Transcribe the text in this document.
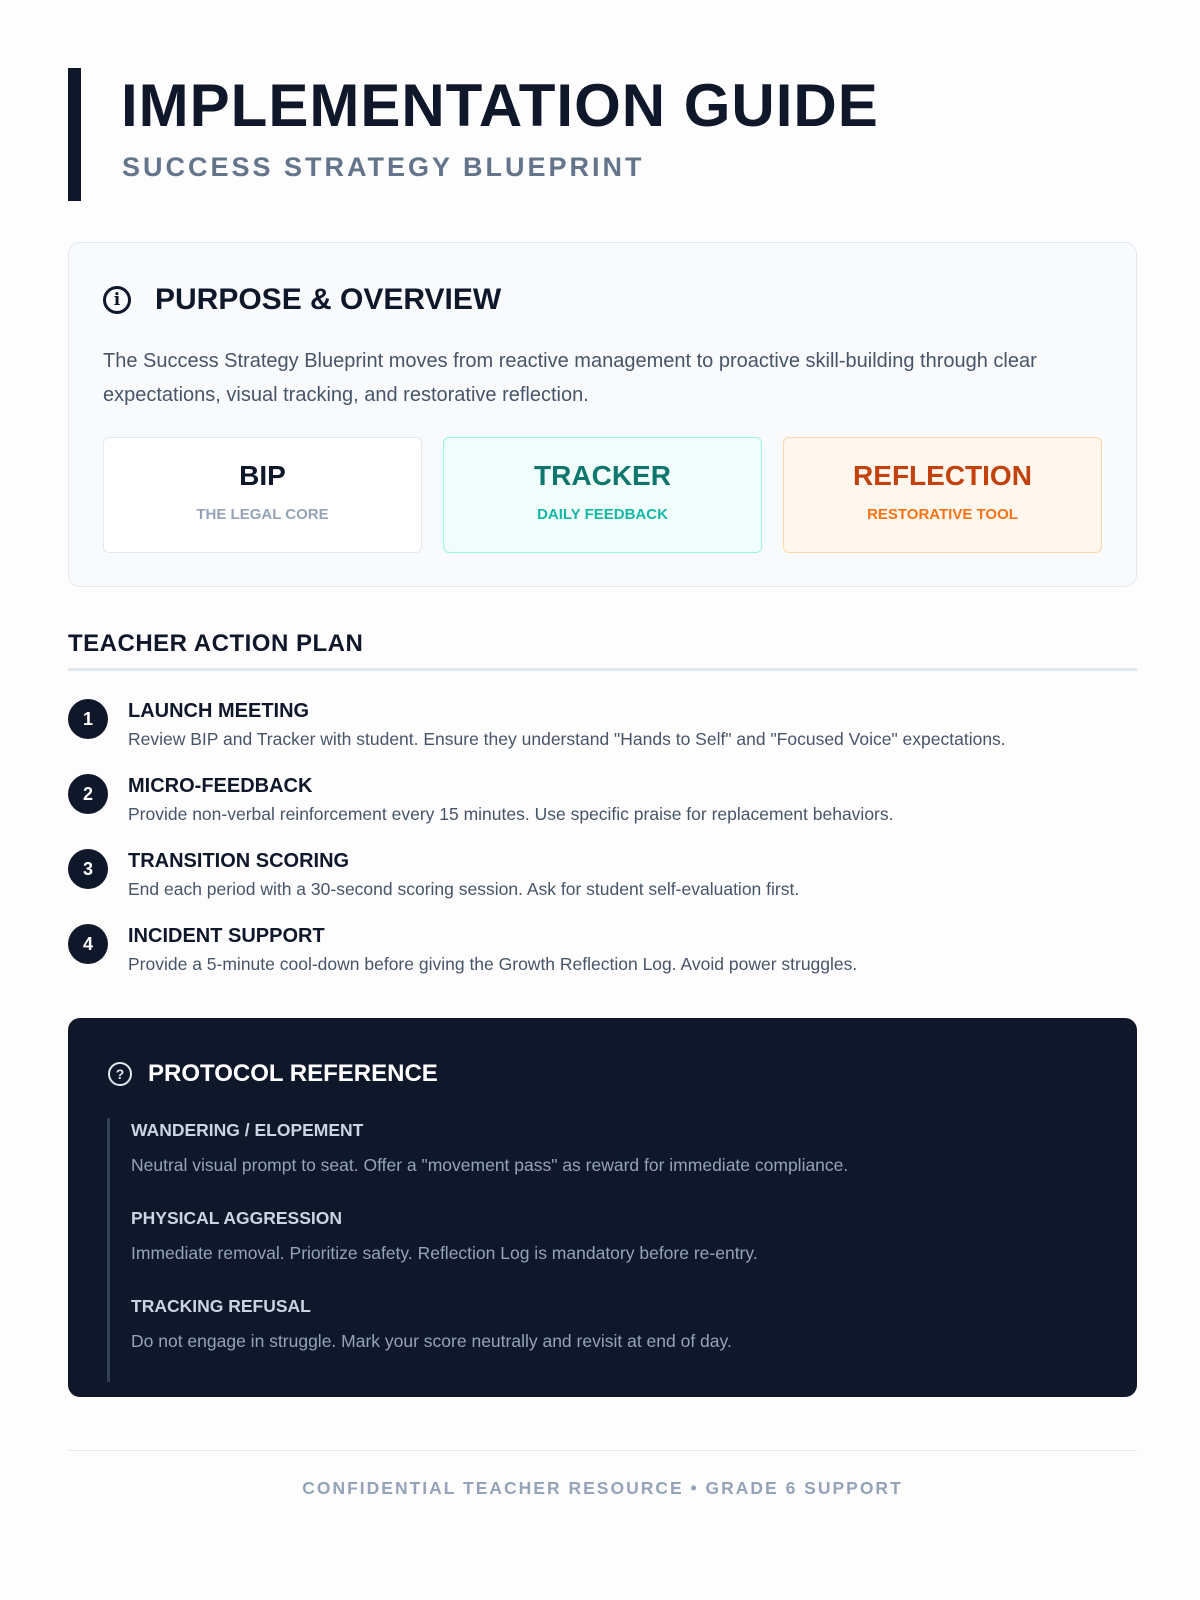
IMPLEMENTATION GUIDE
SUCCESS STRATEGY BLUEPRINT
i	PURPOSE & OVERVIEW
The Success Strategy Blueprint moves from reactive management to proactive skill-building through clear expectations, visual tracking, and restorative reflection.
BIP
THE LEGAL CORE
TRACKER
DAILY FEEDBACK
REFLECTION
RESTORATIVE TOOL
TEACHER ACTION PLAN
1	LAUNCH MEETING
Review BIP and Tracker with student. Ensure they understand "Hands to Self" and "Focused Voice" expectations.
2	MICRO-FEEDBACK
Provide non-verbal reinforcement every 15 minutes. Use specific praise for replacement behaviors.
3	TRANSITION SCORING
End each period with a 30-second scoring session. Ask for student self-evaluation first.
4	INCIDENT SUPPORT
Provide a 5-minute cool-down before giving the Growth Reflection Log. Avoid power struggles.
? PROTOCOL REFERENCE
WANDERING / ELOPEMENT
Neutral visual prompt to seat. Offer a "movement pass" as reward for immediate compliance.
PHYSICAL AGGRESSION
Immediate removal. Prioritize safety. Reflection Log is mandatory before re-entry.
TRACKING REFUSAL
Do not engage in struggle. Mark your score neutrally and revisit at end of day.
CONFIDENTIAL TEACHER RESOURCE • GRADE 6 SUPPORT
